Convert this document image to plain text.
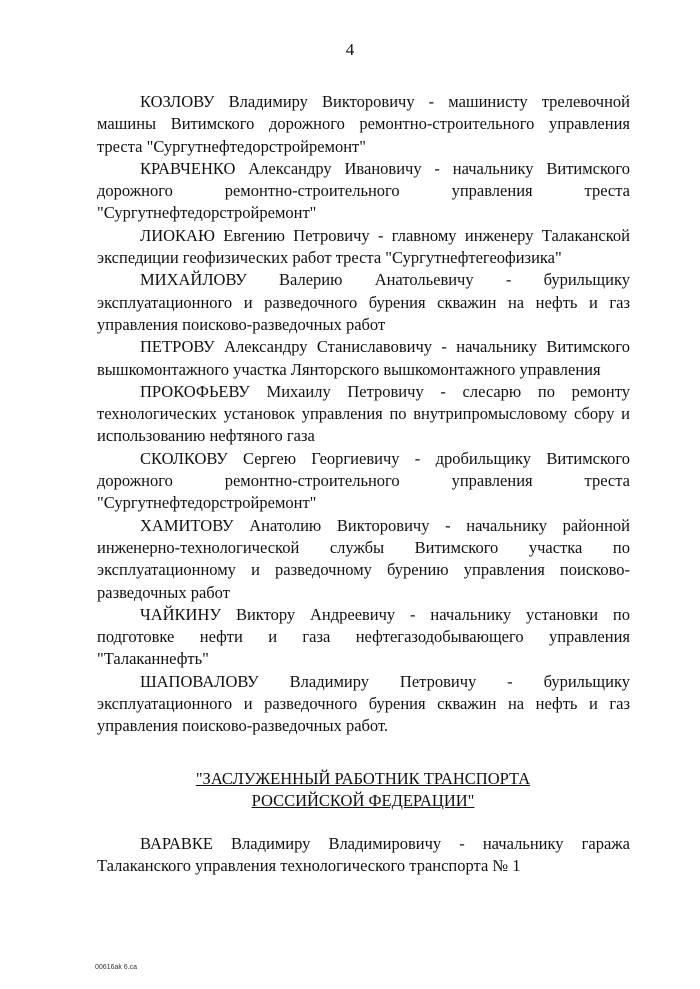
4

КОЗЛОВУ Владимиру Викторовичу - машинисту трелевочной машины Витимского дорожного ремонтно-строительного управления треста "Сургутнефтедорстройремонт"

КРАВЧЕНКО Александру Ивановичу - начальнику Витимского дорожного ремонтно-строительного управления треста "Сургутнефтедорстройремонт"

ЛИОКАЮ Евгению Петровичу - главному инженеру Талаканской экспедиции геофизических работ треста "Сургутнефтегеофизика"

МИХАЙЛОВУ Валерию Анатольевичу - бурильщику эксплуатационного и разведочного бурения скважин на нефть и газ управления поисково-разведочных работ

ПЕТРОВУ Александру Станиславовичу - начальнику Витимского вышкомонтажного участка Лянторского вышкомонтажного управления

ПРОКОФЬЕВУ Михаилу Петровичу - слесарю по ремонту технологических установок управления по внутрипромысловому сбору и использованию нефтяного газа

СКОЛКОВУ Сергею Георгиевичу - дробильщику Витимского дорожного ремонтно-строительного управления треста "Сургутнефтедорстройремонт"

ХАМИТОВУ Анатолию Викторовичу - начальнику районной инженерно-технологической службы Витимского участка по эксплуатационному и разведочному бурению управления поисково-разведочных работ

ЧАЙКИНУ Виктору Андреевичу - начальнику установки по подготовке нефти и газа нефтегазодобывающего управления "Талаканнефть"

ШАПОВАЛОВУ Владимиру Петровичу - бурильщику эксплуатационного и разведочного бурения скважин на нефть и газ управления поисково-разведочных работ.

"ЗАСЛУЖЕННЫЙ РАБОТНИК ТРАНСПОРТА
РОССИЙСКОЙ ФЕДЕРАЦИИ"

ВАРАВКЕ Владимиру Владимировичу - начальнику гаража Талаканского управления технологического транспорта № 1

00616ak 6.ca
